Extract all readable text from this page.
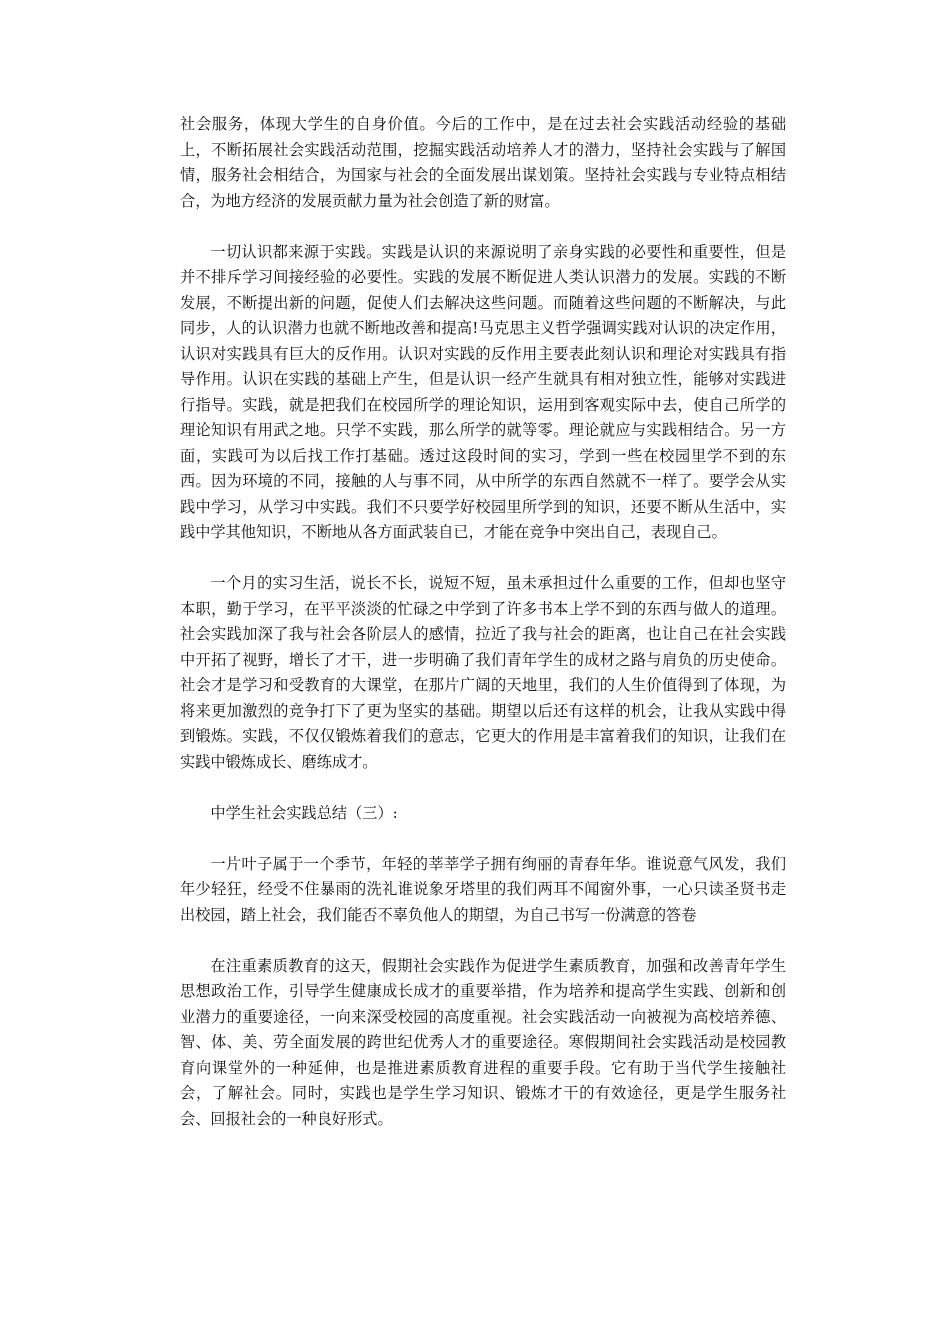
社会服务，体现大学生的自身价值。今后的工作中，是在过去社会实践活动经验的基础上，不断拓展社会实践活动范围，挖掘实践活动培养人才的潜力，坚持社会实践与了解国情，服务社会相结合，为国家与社会的全面发展出谋划策。坚持社会实践与专业特点相结合，为地方经济的发展贡献力量为社会创造了新的财富。

一切认识都来源于实践。实践是认识的来源说明了亲身实践的必要性和重要性，但是并不排斥学习间接经验的必要性。实践的发展不断促进人类认识潜力的发展。实践的不断发展，不断提出新的问题，促使人们去解决这些问题。而随着这些问题的不断解决，与此同步，人的认识潜力也就不断地改善和提高!马克思主义哲学强调实践对认识的决定作用，认识对实践具有巨大的反作用。认识对实践的反作用主要表此刻认识和理论对实践具有指导作用。认识在实践的基础上产生，但是认识一经产生就具有相对独立性，能够对实践进行指导。实践，就是把我们在校园所学的理论知识，运用到客观实际中去，使自己所学的理论知识有用武之地。只学不实践，那么所学的就等零。理论就应与实践相结合。另一方面，实践可为以后找工作打基础。透过这段时间的实习，学到一些在校园里学不到的东西。因为环境的不同，接触的人与事不同，从中所学的东西自然就不一样了。要学会从实践中学习，从学习中实践。我们不只要学好校园里所学到的知识，还要不断从生活中，实践中学其他知识，不断地从各方面武装自已，才能在竞争中突出自己，表现自己。

一个月的实习生活，说长不长，说短不短，虽未承担过什么重要的工作，但却也坚守本职，勤于学习，在平平淡淡的忙碌之中学到了许多书本上学不到的东西与做人的道理。社会实践加深了我与社会各阶层人的感情，拉近了我与社会的距离，也让自己在社会实践中开拓了视野，增长了才干，进一步明确了我们青年学生的成材之路与肩负的历史使命。社会才是学习和受教育的大课堂，在那片广阔的天地里，我们的人生价值得到了体现，为将来更加激烈的竞争打下了更为坚实的基础。期望以后还有这样的机会，让我从实践中得到锻炼。实践，不仅仅锻炼着我们的意志，它更大的作用是丰富着我们的知识，让我们在实践中锻炼成长、磨练成才。

中学生社会实践总结（三）:

一片叶子属于一个季节，年轻的莘莘学子拥有绚丽的青春年华。谁说意气风发，我们年少轻狂，经受不住暴雨的洗礼谁说象牙塔里的我们两耳不闻窗外事，一心只读圣贤书走出校园，踏上社会，我们能否不辜负他人的期望，为自己书写一份满意的答卷

在注重素质教育的这天，假期社会实践作为促进学生素质教育，加强和改善青年学生思想政治工作，引导学生健康成长成才的重要举措，作为培养和提高学生实践、创新和创业潜力的重要途径，一向来深受校园的高度重视。社会实践活动一向被视为高校培养德、智、体、美、劳全面发展的跨世纪优秀人才的重要途径。寒假期间社会实践活动是校园教育向课堂外的一种延伸，也是推进素质教育进程的重要手段。它有助于当代学生接触社会，了解社会。同时，实践也是学生学习知识、锻炼才干的有效途径，更是学生服务社会、回报社会的一种良好形式。
